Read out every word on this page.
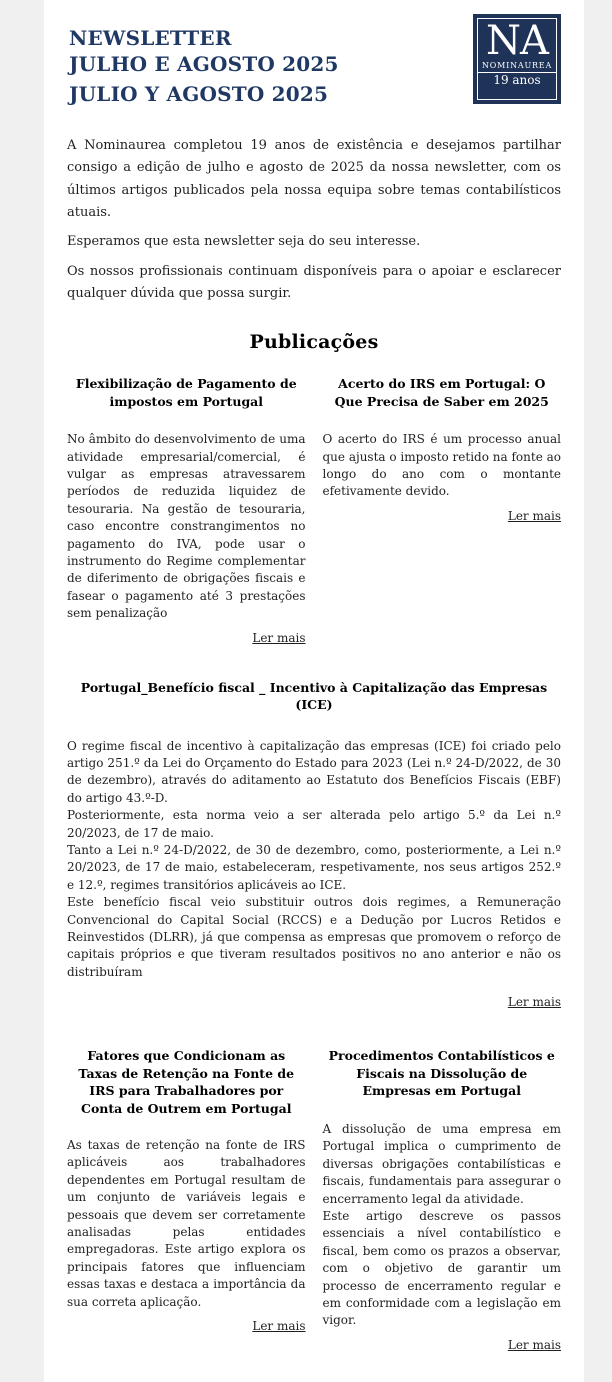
NEWSLETTER
JULHO E AGOSTO 2025
JULIO Y AGOSTO 2025
NA
NOMINAUREA
19 anos

A Nominaurea completou 19 anos de existência e desejamos partilhar consigo a edição de julho e agosto de 2025 da nossa newsletter, com os últimos artigos publicados pela nossa equipa sobre temas contabilísticos atuais.

Esperamos que esta newsletter seja do seu interesse.

Os nossos profissionais continuam disponíveis para o apoiar e esclarecer qualquer dúvida que possa surgir.

Publicações
Flexibilização de Pagamento de impostos em Portugal

No âmbito do desenvolvimento de uma atividade empresarial/comercial, é vulgar as empresas atravessarem períodos de reduzida liquidez de tesouraria. Na gestão de tesouraria, caso encontre constrangimentos no pagamento do IVA, pode usar o instrumento do Regime complementar de diferimento de obrigações fiscais e fasear o pagamento até 3 prestações sem penalização

Ler mais
Acerto do IRS em Portugal: O Que Precisa de Saber em 2025

O acerto do IRS é um processo anual que ajusta o imposto retido na fonte ao longo do ano com o montante efetivamente devido.

Ler mais
Portugal_Benefício fiscal _ Incentivo à Capitalização das Empresas (ICE)

O regime fiscal de incentivo à capitalização das empresas (ICE) foi criado pelo artigo 251.º da Lei do Orçamento do Estado para 2023 (Lei n.º 24-D/2022, de 30 de dezembro), através do aditamento ao Estatuto dos Benefícios Fiscais (EBF) do artigo 43.º-D.

Posteriormente, esta norma veio a ser alterada pelo artigo 5.º da Lei n.º 20/2023, de 17 de maio.

Tanto a Lei n.º 24-D/2022, de 30 de dezembro, como, posteriormente, a Lei n.º 20/2023, de 17 de maio, estabeleceram, respetivamente, nos seus artigos 252.º e 12.º, regimes transitórios aplicáveis ao ICE.

Este benefício fiscal veio substituir outros dois regimes, a Remuneração Convencional do Capital Social (RCCS) e a Dedução por Lucros Retidos e Reinvestidos (DLRR), já que compensa as empresas que promovem o reforço de capitais próprios e que tiveram resultados positivos no ano anterior e não os distribuíram

Ler mais
Fatores que Condicionam as Taxas de Retenção na Fonte de IRS para Trabalhadores por Conta de Outrem em Portugal

As taxas de retenção na fonte de IRS aplicáveis aos trabalhadores dependentes em Portugal resultam de um conjunto de variáveis legais e pessoais que devem ser corretamente analisadas pelas entidades empregadoras. Este artigo explora os principais fatores que influenciam essas taxas e destaca a importância da sua correta aplicação.

Ler mais
Procedimentos Contabilísticos e Fiscais na Dissolução de Empresas em Portugal

A dissolução de uma empresa em Portugal implica o cumprimento de diversas obrigações contabilísticas e fiscais, fundamentais para assegurar o encerramento legal da atividade.

Este artigo descreve os passos essenciais a nível contabilístico e fiscal, bem como os prazos a observar, com o objetivo de garantir um processo de encerramento regular e em conformidade com a legislação em vigor.

Ler mais
